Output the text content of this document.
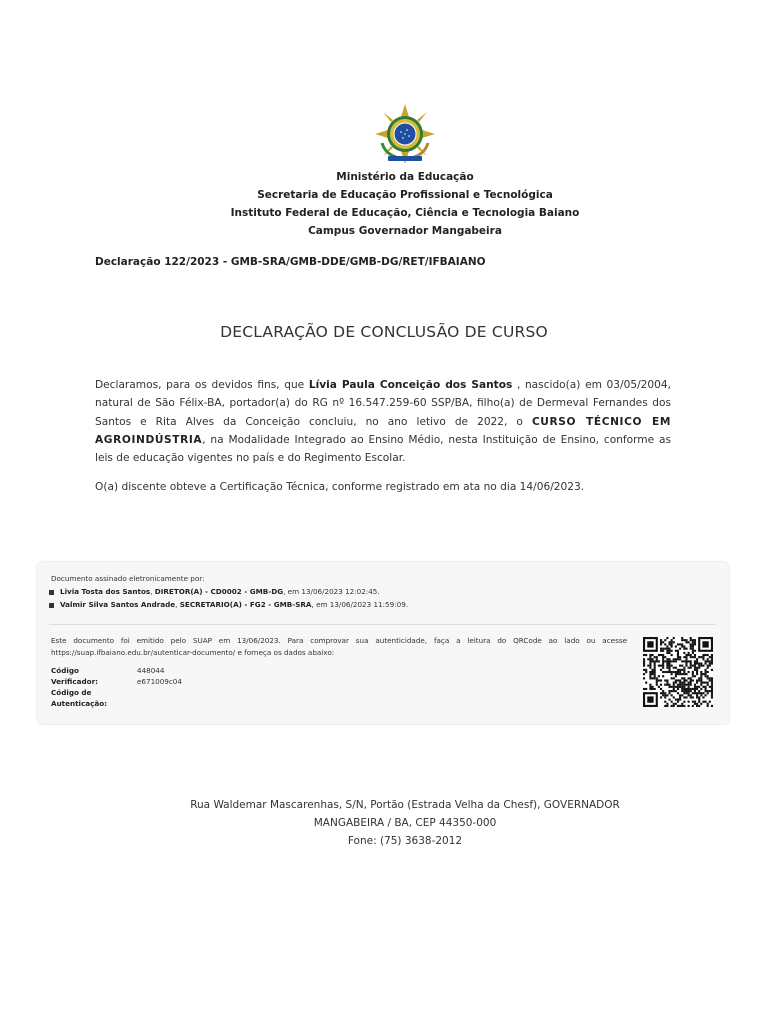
Ministério da Educação
Secretaria de Educação Profissional e Tecnológica
Instituto Federal de Educação, Ciência e Tecnologia Baiano
Campus Governador Mangabeira
Declaração 122/2023 - GMB-SRA/GMB-DDE/GMB-DG/RET/IFBAIANO
DECLARAÇÃO DE CONCLUSÃO DE CURSO
Declaramos, para os devidos fins, que Lívia Paula Conceição dos Santos , nascido(a) em 03/05/2004, natural de São Félix-BA, portador(a) do RG nº 16.547.259-60 SSP/BA, filho(a) de Dermeval Fernandes dos Santos e Rita Alves da Conceição concluiu, no ano letivo de 2022, o CURSO TÉCNICO EM AGROINDÚSTRIA, na Modalidade Integrado ao Ensino Médio, nesta Instituição de Ensino, conforme as leis de educação vigentes no país e do Regimento Escolar.
O(a) discente obteve a Certificação Técnica, conforme registrado em ata no dia 14/06/2023.
Documento assinado eletronicamente por:
Livia Tosta dos Santos, DIRETOR(A) - CD0002 - GMB-DG, em 13/06/2023 12:02:45.
Valmir Silva Santos Andrade, SECRETARIO(A) - FG2 - GMB-SRA, em 13/06/2023 11:59:09.
Este documento foi emitido pelo SUAP em 13/06/2023. Para comprovar sua autenticidade, faça a leitura do QRCode ao lado ou acesse https://suap.ifbaiano.edu.br/autenticar-documento/ e forneça os dados abaixo:
Código	448044
Verificador:	e671009c04
Código de
Autenticação:
Rua Waldemar Mascarenhas, S/N, Portão (Estrada Velha da Chesf), GOVERNADOR
MANGABEIRA / BA, CEP 44350-000
Fone: (75) 3638-2012
